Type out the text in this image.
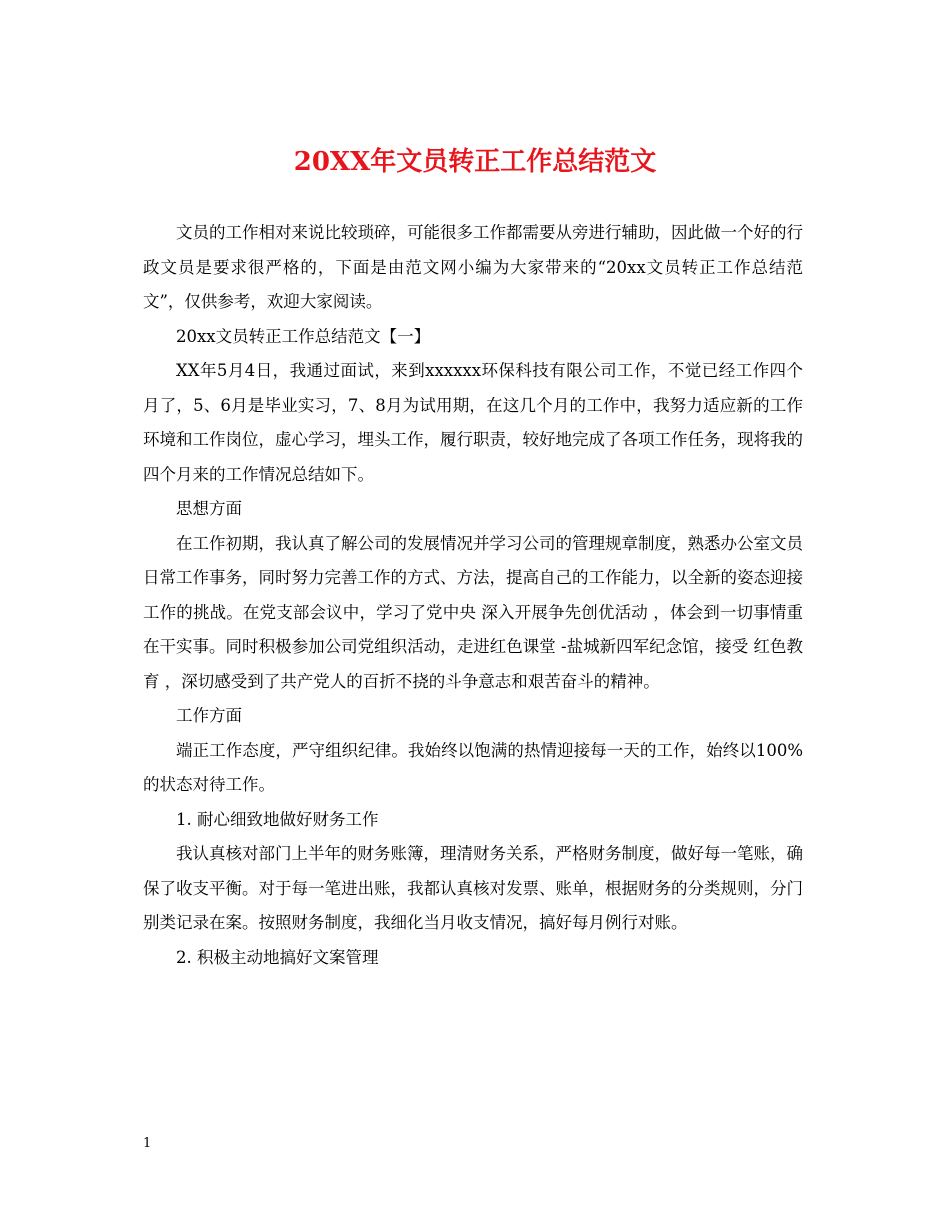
20XX年文员转正工作总结范文

文员的工作相对来说比较琐碎，可能很多工作都需要从旁进行辅助，因此做一个好的行政文员是要求很严格的，下面是由范文网小编为大家带来的“20xx文员转正工作总结范文”，仅供参考，欢迎大家阅读。

20xx文员转正工作总结范文【一】

XX年5月4日，我通过面试，来到xxxxxx环保科技有限公司工作，不觉已经工作四个月了，5、6月是毕业实习，7、8月为试用期，在这几个月的工作中，我努力适应新的工作环境和工作岗位，虚心学习，埋头工作，履行职责，较好地完成了各项工作任务，现将我的四个月来的工作情况总结如下。

思想方面

在工作初期，我认真了解公司的发展情况并学习公司的管理规章制度，熟悉办公室文员日常工作事务，同时努力完善工作的方式、方法，提高自己的工作能力，以全新的姿态迎接工作的挑战。在党支部会议中，学习了党中央 深入开展争先创优活动 ，体会到一切事情重在干实事。同时积极参加公司党组织活动，走进红色课堂 -盐城新四军纪念馆，接受 红色教育 ，深切感受到了共产党人的百折不挠的斗争意志和艰苦奋斗的精神。

工作方面

端正工作态度，严守组织纪律。我始终以饱满的热情迎接每一天的工作，始终以100%的状态对待工作。

1. 耐心细致地做好财务工作

我认真核对部门上半年的财务账簿，理清财务关系，严格财务制度，做好每一笔账，确保了收支平衡。对于每一笔进出账，我都认真核对发票、账单，根据财务的分类规则，分门别类记录在案。按照财务制度，我细化当月收支情况，搞好每月例行对账。

2. 积极主动地搞好文案管理

1
